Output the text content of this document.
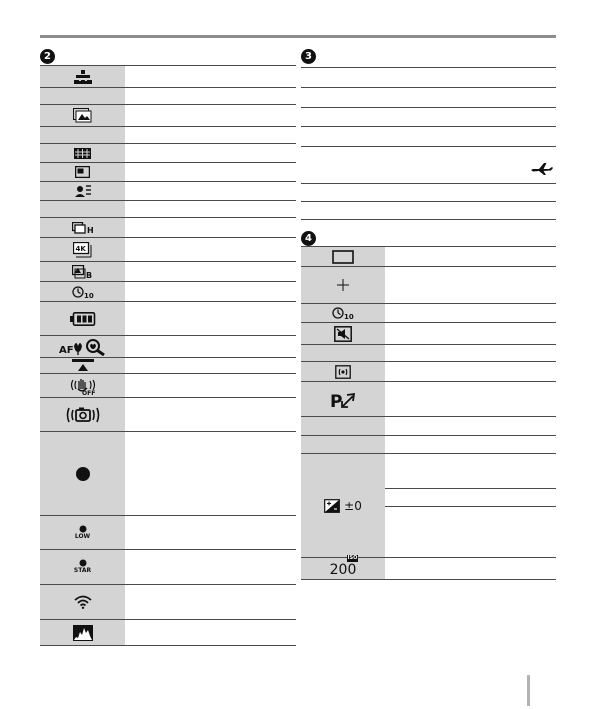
2	3
4
H
4K
B
10
AF
OFF
LOW
STAR
10
P
±0
200
ISO
